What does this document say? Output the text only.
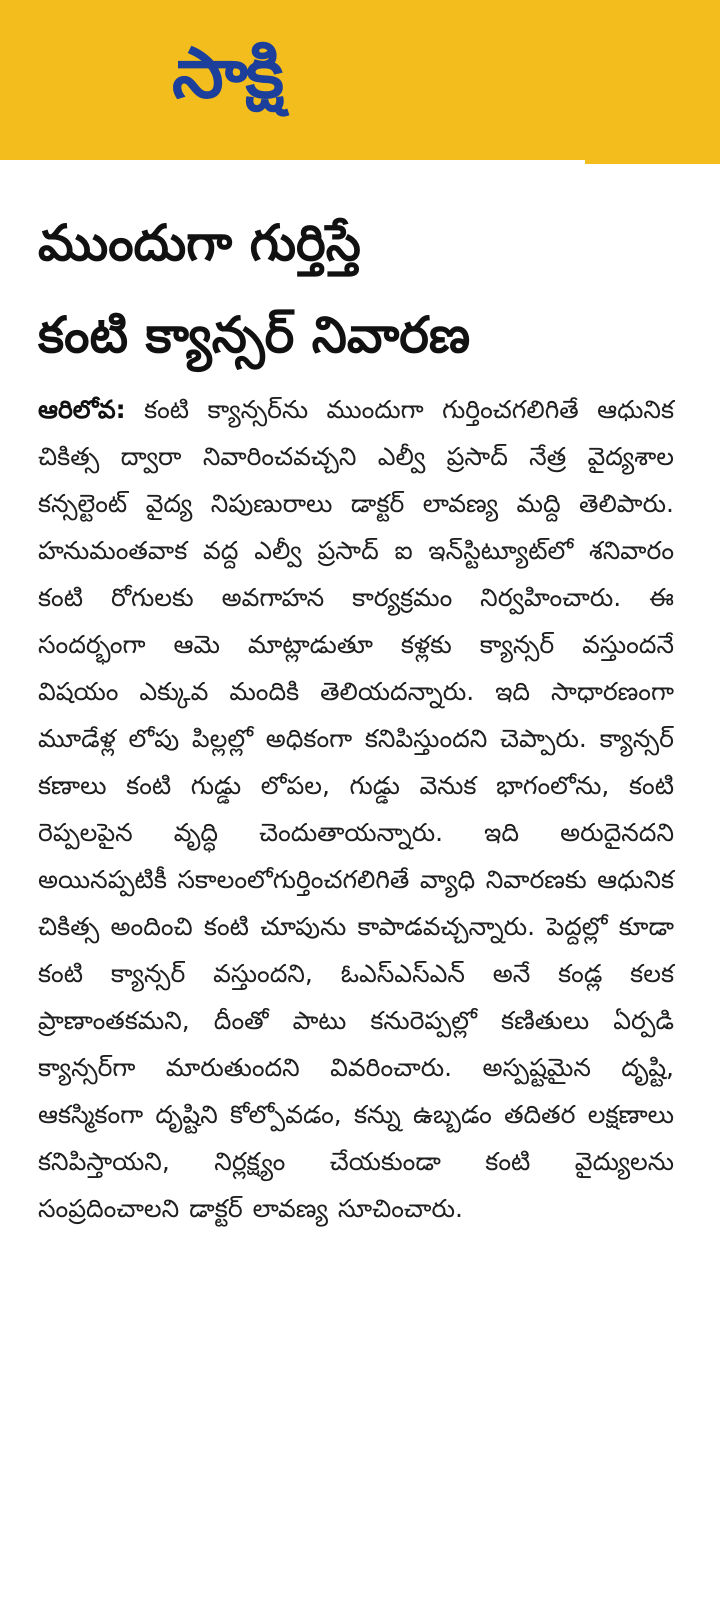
సాక్షి
ముందుగా గుర్తిస్తే
కంటి క్యాన్సర్ నివారణ

ఆరిలోవ: కంటి క్యాన్సర్‌ను ముందుగా గుర్తించగలిగితే ఆధునిక చికిత్స ద్వారా నివారించవచ్చని ఎల్వీ ప్రసాద్ నేత్ర వైద్యశాల కన్సల్టెంట్ వైద్య నిపుణురాలు డాక్టర్ లావణ్య మద్ది తెలిపారు. హనుమంతవాక వద్ద ఎల్వీ ప్రసాద్ ఐ ఇన్‌స్టిట్యూట్‌లో శనివారం కంటి రోగులకు అవగాహన కార్యక్రమం నిర్వహించారు. ఈ సందర్భంగా ఆమె మాట్లాడుతూ కళ్లకు క్యాన్సర్ వస్తుందనే విషయం ఎక్కువ మందికి తెలియదన్నారు. ఇది సాధారణంగా మూడేళ్ల లోపు పిల్లల్లో అధికంగా కనిపిస్తుందని చెప్పారు. క్యాన్సర్ కణాలు కంటి గుడ్డు లోపల, గుడ్డు వెనుక భాగంలోను, కంటి రెప్పలపైన వృద్ధి చెందుతాయన్నారు. ఇది అరుదైనదని అయినప్పటికీ సకాలంలోగుర్తించగలిగితే వ్యాధి నివారణకు ఆధునిక చికిత్స అందించి కంటి చూపును కాపాడవచ్చన్నారు. పెద్దల్లో కూడా కంటి క్యాన్సర్ వస్తుందని, ఓఎస్ఎస్ఎన్ అనే కండ్ల కలక ప్రాణాంతకమని, దీంతో పాటు కనురెప్పల్లో కణితులు ఏర్పడి క్యాన్సర్‌గా మారుతుందని వివరించారు. అస్పష్టమైన దృష్టి, ఆకస్మికంగా దృష్టిని కోల్పోవడం, కన్ను ఉబ్బడం తదితర లక్షణాలు కనిపిస్తాయని, నిర్లక్ష్యం చేయకుండా కంటి వైద్యులను సంప్రదించాలని డాక్టర్ లావణ్య సూచించారు.
